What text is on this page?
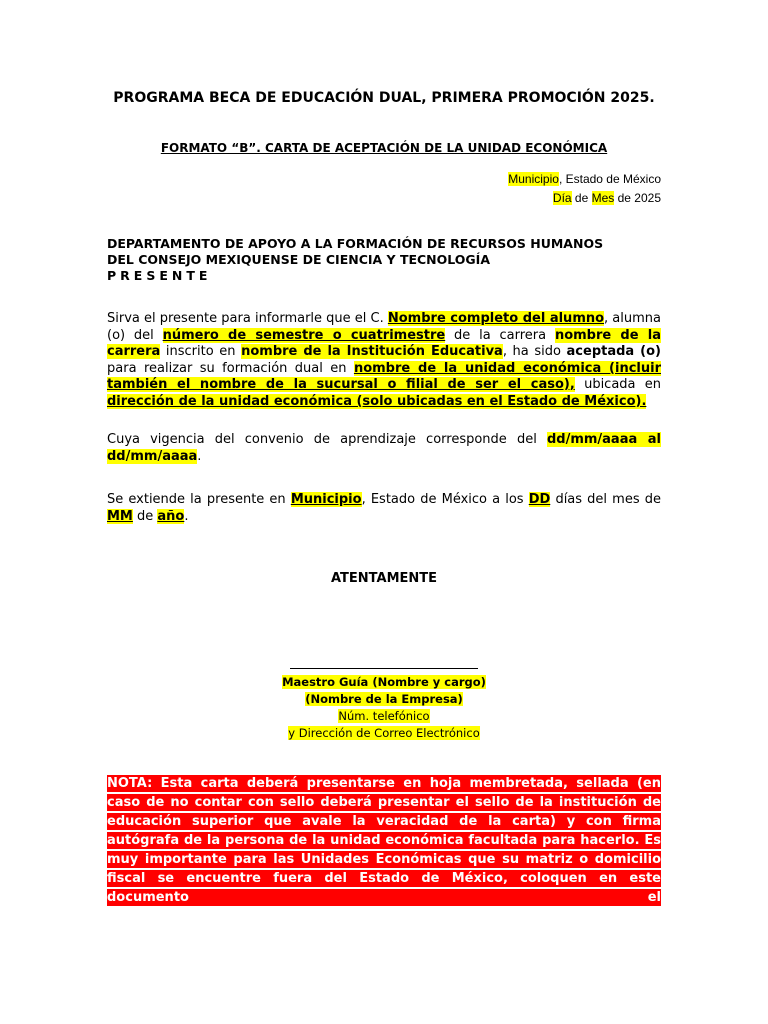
PROGRAMA BECA DE EDUCACIÓN DUAL, PRIMERA PROMOCIÓN 2025.
FORMATO “B”. CARTA DE ACEPTACIÓN DE LA UNIDAD ECONÓMICA
Municipio, Estado de México
Día de Mes de 2025
DEPARTAMENTO DE APOYO A LA FORMACIÓN DE RECURSOS HUMANOS
DEL CONSEJO MEXIQUENSE DE CIENCIA Y TECNOLOGÍA
PRESENTE

Sirva el presente para informarle que el C. Nombre completo del alumno, alumna (o) del número de semestre o cuatrimestre de la carrera nombre de la carrera inscrito en nombre de la Institución Educativa, ha sido aceptada (o) para realizar su formación dual en nombre de la unidad económica (incluir también el nombre de la sucursal o filial de ser el caso), ubicada en dirección de la unidad económica (solo ubicadas en el Estado de México).

Cuya vigencia del convenio de aprendizaje corresponde del dd/mm/aaaa al dd/mm/aaaa.

Se extiende la presente en Municipio, Estado de México a los DD días del mes de MM de año.

ATENTAMENTE

Maestro Guía (Nombre y cargo)
(Nombre de la Empresa)
Núm. telefónico
y Dirección de Correo Electrónico

NOTA: Esta carta deberá presentarse en hoja membretada, sellada (en caso de no contar con sello deberá presentar el sello de la institución de educación superior que avale la veracidad de la carta) y con firma autógrafa de la persona de la unidad económica facultada para hacerlo. Es muy importante para las Unidades Económicas que su matriz o domicilio fiscal se encuentre fuera del Estado de México, coloquen en este documento el
